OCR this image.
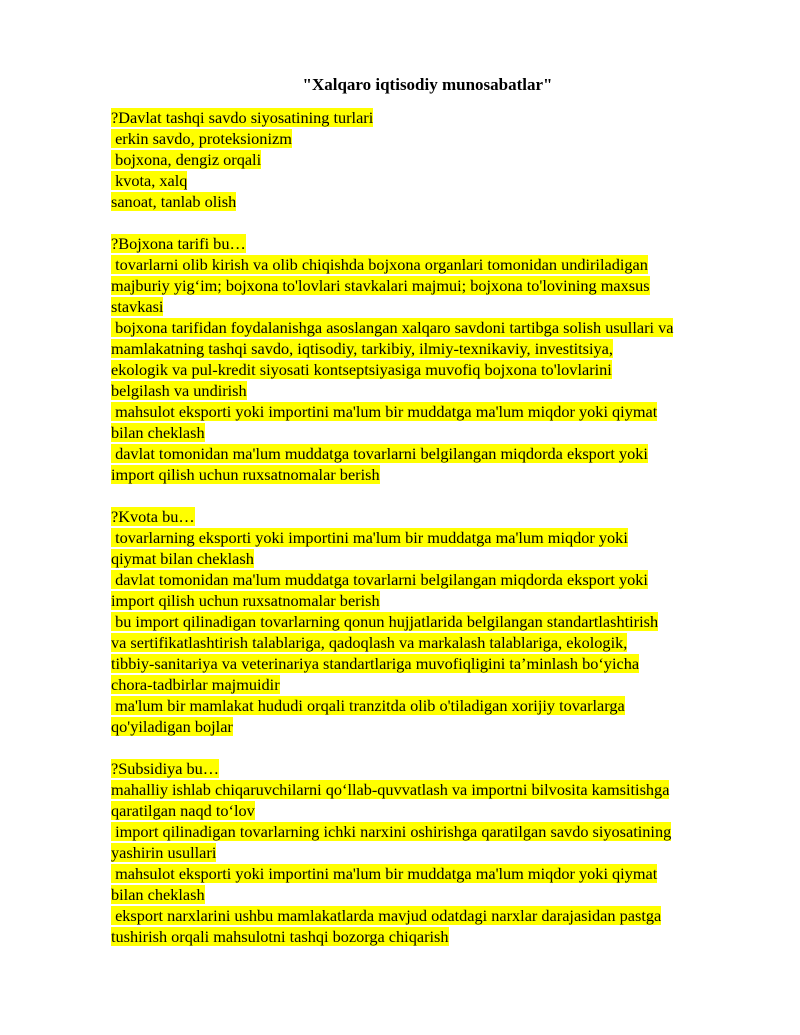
"Xalqaro iqtisodiy munosabatlar"
?Davlat tashqi savdo siyosatining turlari
erkin savdo, proteksionizm
bojxona, dengiz orqali
kvota, xalq
sanoat, tanlab olish
?Bojxona tarifi bu…
tovarlarni olib kirish va olib chiqishda bojxona organlari tomonidan undiriladigan
majburiy yig‘im; bojxona to'lovlari stavkalari majmui; bojxona to'lovining maxsus
stavkasi
bojxona tarifidan foydalanishga asoslangan xalqaro savdoni tartibga solish usullari va
mamlakatning tashqi savdo, iqtisodiy, tarkibiy, ilmiy-texnikaviy, investitsiya,
ekologik va pul-kredit siyosati kontseptsiyasiga muvofiq bojxona to'lovlarini
belgilash va undirish
mahsulot eksporti yoki importini ma'lum bir muddatga ma'lum miqdor yoki qiymat
bilan cheklash
davlat tomonidan ma'lum muddatga tovarlarni belgilangan miqdorda eksport yoki
import qilish uchun ruxsatnomalar berish
?Kvota bu…
tovarlarning eksporti yoki importini ma'lum bir muddatga ma'lum miqdor yoki
qiymat bilan cheklash
davlat tomonidan ma'lum muddatga tovarlarni belgilangan miqdorda eksport yoki
import qilish uchun ruxsatnomalar berish
bu import qilinadigan tovarlarning qonun hujjatlarida belgilangan standartlashtirish
va sertifikatlashtirish talablariga, qadoqlash va markalash talablariga, ekologik,
tibbiy-sanitariya va veterinariya standartlariga muvofiqligini ta’minlash bo‘yicha
chora-tadbirlar majmuidir
ma'lum bir mamlakat hududi orqali tranzitda olib o'tiladigan xorijiy tovarlarga
qo'yiladigan bojlar
?Subsidiya bu…
mahalliy ishlab chiqaruvchilarni qo‘llab-quvvatlash va importni bilvosita kamsitishga
qaratilgan naqd to‘lov
import qilinadigan tovarlarning ichki narxini oshirishga qaratilgan savdo siyosatining
yashirin usullari
mahsulot eksporti yoki importini ma'lum bir muddatga ma'lum miqdor yoki qiymat
bilan cheklash
eksport narxlarini ushbu mamlakatlarda mavjud odatdagi narxlar darajasidan pastga
tushirish orqali mahsulotni tashqi bozorga chiqarish
